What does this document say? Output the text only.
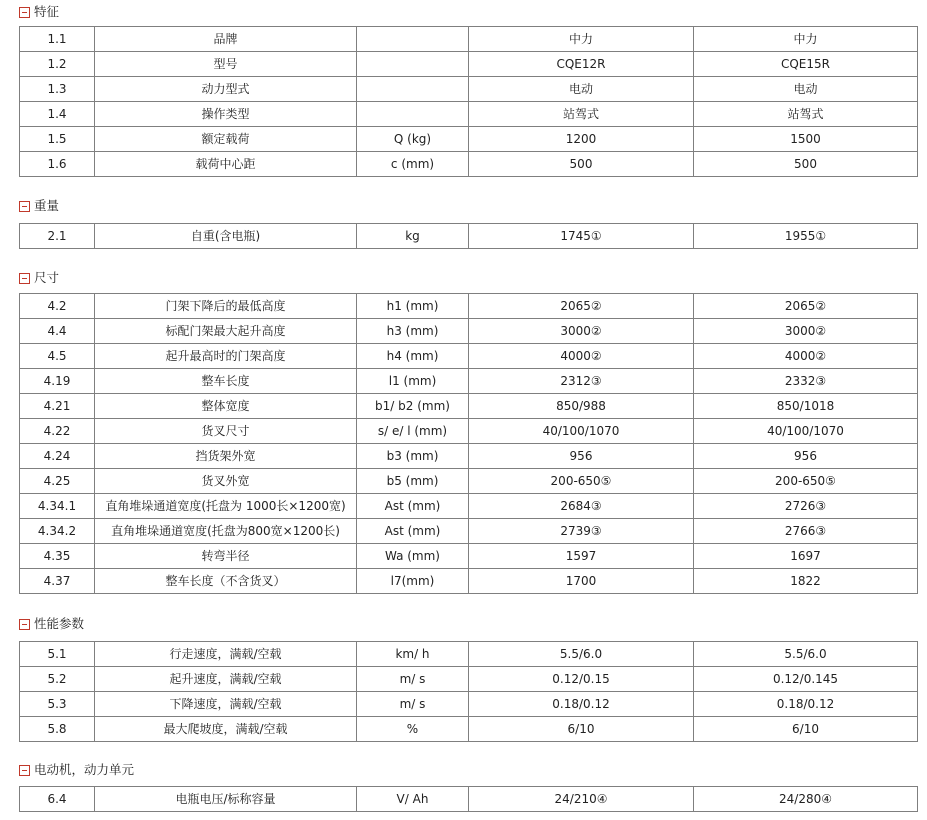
特征
1.1	品牌		中力	中力
1.2	型号		CQE12R	CQE15R
1.3	动力型式		电动	电动
1.4	操作类型		站驾式	站驾式
1.5	额定载荷	Q (kg)	1200	1500
1.6	载荷中心距	c (mm)	500	500
重量
2.1	自重(含电瓶)	kg	1745①	1955①
尺寸
4.2	门架下降后的最低高度	h1 (mm)	2065②	2065②
4.4	标配门架最大起升高度	h3 (mm)	3000②	3000②
4.5	起升最高时的门架高度	h4 (mm)	4000②	4000②
4.19	整车长度	l1 (mm)	2312③	2332③
4.21	整体宽度	b1/ b2 (mm)	850/988	850/1018
4.22	货叉尺寸	s/ e/ l (mm)	40/100/1070	40/100/1070
4.24	挡货架外宽	b3 (mm)	956	956
4.25	货叉外宽	b5 (mm)	200-650⑤	200-650⑤
4.34.1	直角堆垛通道宽度(托盘为 1000长×1200宽)	Ast (mm)	2684③	2726③
4.34.2	直角堆垛通道宽度(托盘为800宽×1200长)	Ast (mm)	2739③	2766③
4.35	转弯半径	Wa (mm)	1597	1697
4.37	整车长度（不含货叉）	l7(mm)	1700	1822
性能参数
5.1	行走速度，满载/空载	km/ h	5.5/6.0	5.5/6.0
5.2	起升速度，满载/空载	m/ s	0.12/0.15	0.12/0.145
5.3	下降速度，满载/空载	m/ s	0.18/0.12	0.18/0.12
5.8	最大爬坡度，满载/空载	%	6/10	6/10
电动机，动力单元
6.4	电瓶电压/标称容量	V/ Ah	24/210④	24/280④
